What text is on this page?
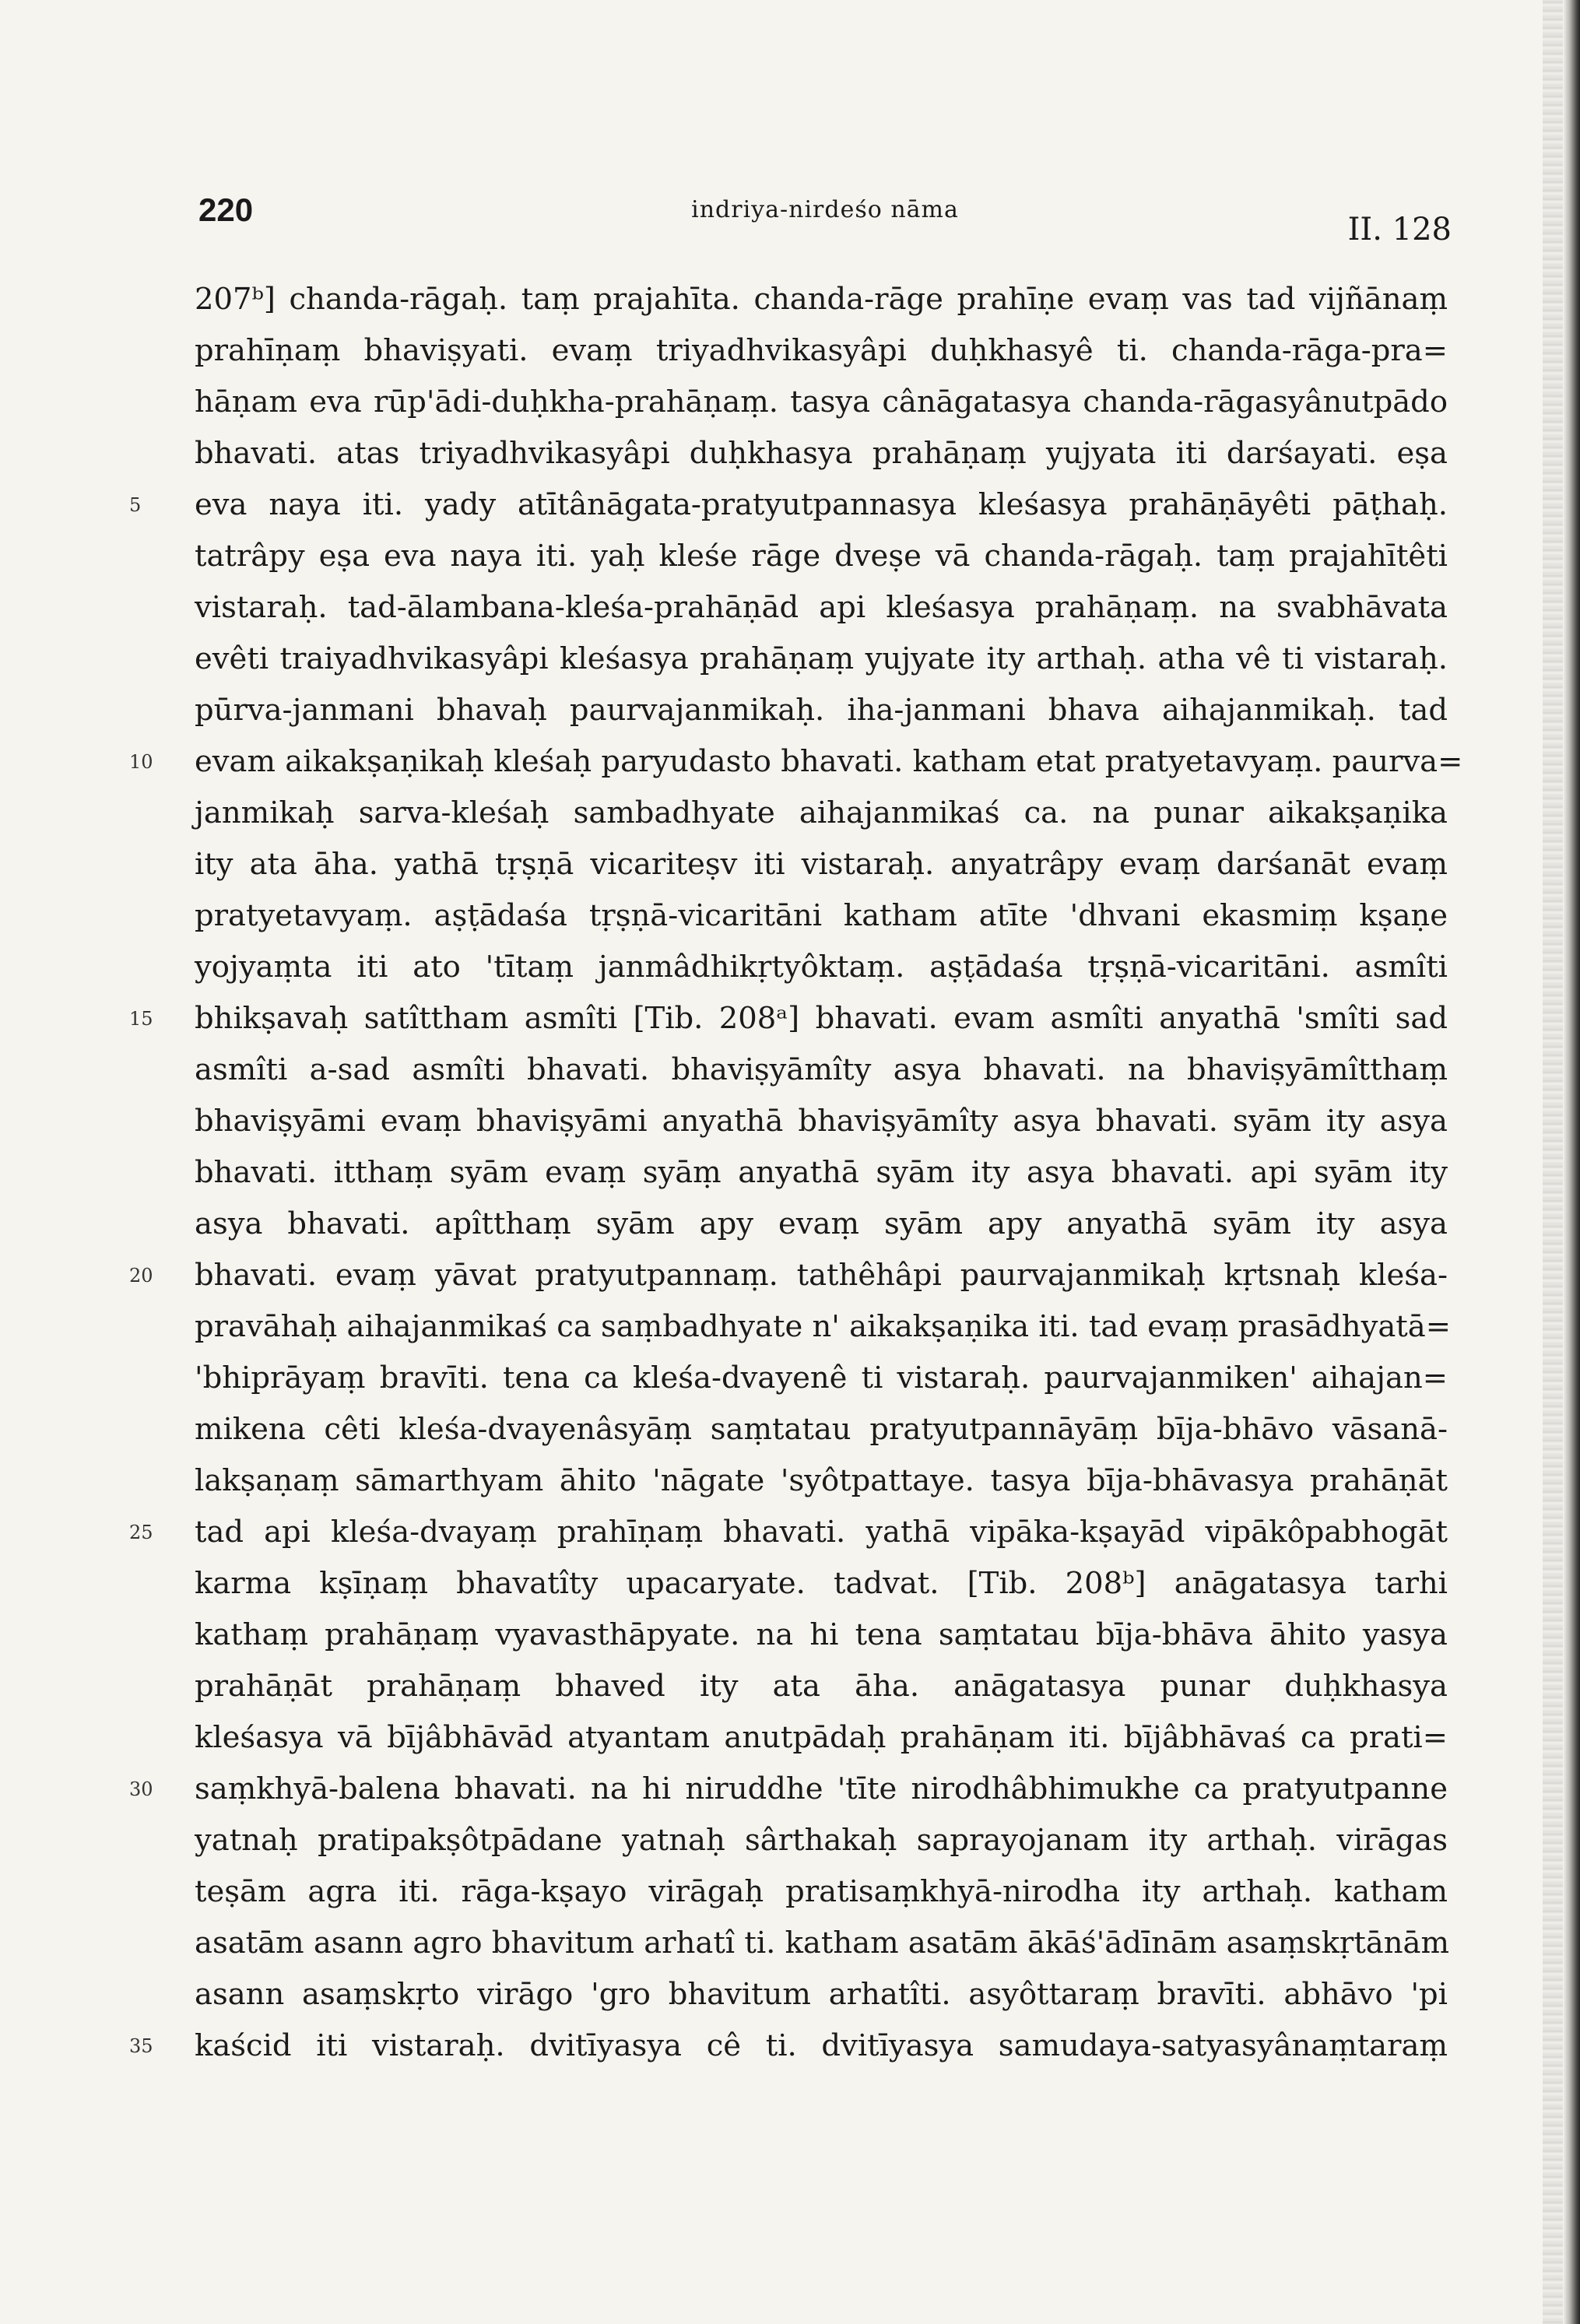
220	indriya-nirdeśo nāma
II. 128
207ᵇ] chanda-rāgaḥ. taṃ prajahīta. chanda-rāge prahīṇe evaṃ vas tad vijñānaṃ
prahīṇaṃ bhaviṣyati. evaṃ triyadhvikasyâpi duḥkhasyê ti. chanda-rāga-pra=
hāṇam eva rūp'ādi-duḥkha-prahāṇaṃ. tasya cânāgatasya chanda-rāgasyânutpādo
bhavati. atas triyadhvikasyâpi duḥkhasya prahāṇaṃ yujyata iti darśayati. eṣa
5	eva naya iti. yady atītânāgata-pratyutpannasya kleśasya prahāṇāyêti pāṭhaḥ.
tatrâpy eṣa eva naya iti. yaḥ kleśe rāge dveṣe vā chanda-rāgaḥ. taṃ prajahītêti
vistaraḥ. tad-ālambana-kleśa-prahāṇād api kleśasya prahāṇaṃ. na svabhāvata
evêti traiyadhvikasyâpi kleśasya prahāṇaṃ yujyate ity arthaḥ. atha vê ti vistaraḥ.
pūrva-janmani bhavaḥ paurvajanmikaḥ. iha-janmani bhava aihajanmikaḥ. tad
10	evam aikakṣaṇikaḥ kleśaḥ paryudasto bhavati. katham etat pratyetavyaṃ. paurva=
janmikaḥ sarva-kleśaḥ sambadhyate aihajanmikaś ca. na punar aikakṣaṇika
ity ata āha. yathā tṛṣṇā vicariteṣv iti vistaraḥ. anyatrâpy evaṃ darśanāt evaṃ
pratyetavyaṃ. aṣṭādaśa tṛṣṇā-vicaritāni katham atīte 'dhvani ekasmiṃ kṣaṇe
yojyaṃta iti ato 'tītaṃ janmâdhikṛtyôktaṃ. aṣṭādaśa tṛṣṇā-vicaritāni. asmîti
15	bhikṣavaḥ satîttham asmîti [Tib. 208ᵃ] bhavati. evam asmîti anyathā 'smîti sad
asmîti a-sad asmîti bhavati. bhaviṣyāmîty asya bhavati. na bhaviṣyāmîtthaṃ
bhaviṣyāmi evaṃ bhaviṣyāmi anyathā bhaviṣyāmîty asya bhavati. syām ity asya
bhavati. itthaṃ syām evaṃ syāṃ anyathā syām ity asya bhavati. api syām ity
asya bhavati. apîtthaṃ syām apy evaṃ syām apy anyathā syām ity asya
20	bhavati. evaṃ yāvat pratyutpannaṃ. tathêhâpi paurvajanmikaḥ kṛtsnaḥ kleśa-
pravāhaḥ aihajanmikaś ca saṃbadhyate n' aikakṣaṇika iti. tad evaṃ prasādhyatā=
'bhiprāyaṃ bravīti. tena ca kleśa-dvayenê ti vistaraḥ. paurvajanmiken' aihajan=
mikena cêti kleśa-dvayenâsyāṃ saṃtatau pratyutpannāyāṃ bīja-bhāvo vāsanā-
lakṣaṇaṃ sāmarthyam āhito 'nāgate 'syôtpattaye. tasya bīja-bhāvasya prahāṇāt
25	tad api kleśa-dvayaṃ prahīṇaṃ bhavati. yathā vipāka-kṣayād vipākôpabhogāt
karma kṣīṇaṃ bhavatîty upacaryate. tadvat. [Tib. 208ᵇ] anāgatasya tarhi
kathaṃ prahāṇaṃ vyavasthāpyate. na hi tena saṃtatau bīja-bhāva āhito yasya
prahāṇāt prahāṇaṃ bhaved ity ata āha. anāgatasya punar duḥkhasya
kleśasya vā bījâbhāvād atyantam anutpādaḥ prahāṇam iti. bījâbhāvaś ca prati=
30	saṃkhyā-balena bhavati. na hi niruddhe 'tīte nirodhâbhimukhe ca pratyutpanne
yatnaḥ pratipakṣôtpādane yatnaḥ sârthakaḥ saprayojanam ity arthaḥ. virāgas
teṣām agra iti. rāga-kṣayo virāgaḥ pratisaṃkhyā-nirodha ity arthaḥ. katham
asatām asann agro bhavitum arhatî ti. katham asatām ākāś'ādīnām asaṃskṛtānām
asann asaṃskṛto virāgo 'gro bhavitum arhatîti. asyôttaraṃ bravīti. abhāvo 'pi
35	kaścid iti vistaraḥ. dvitīyasya cê ti. dvitīyasya samudaya-satyasyânaṃtaraṃ
